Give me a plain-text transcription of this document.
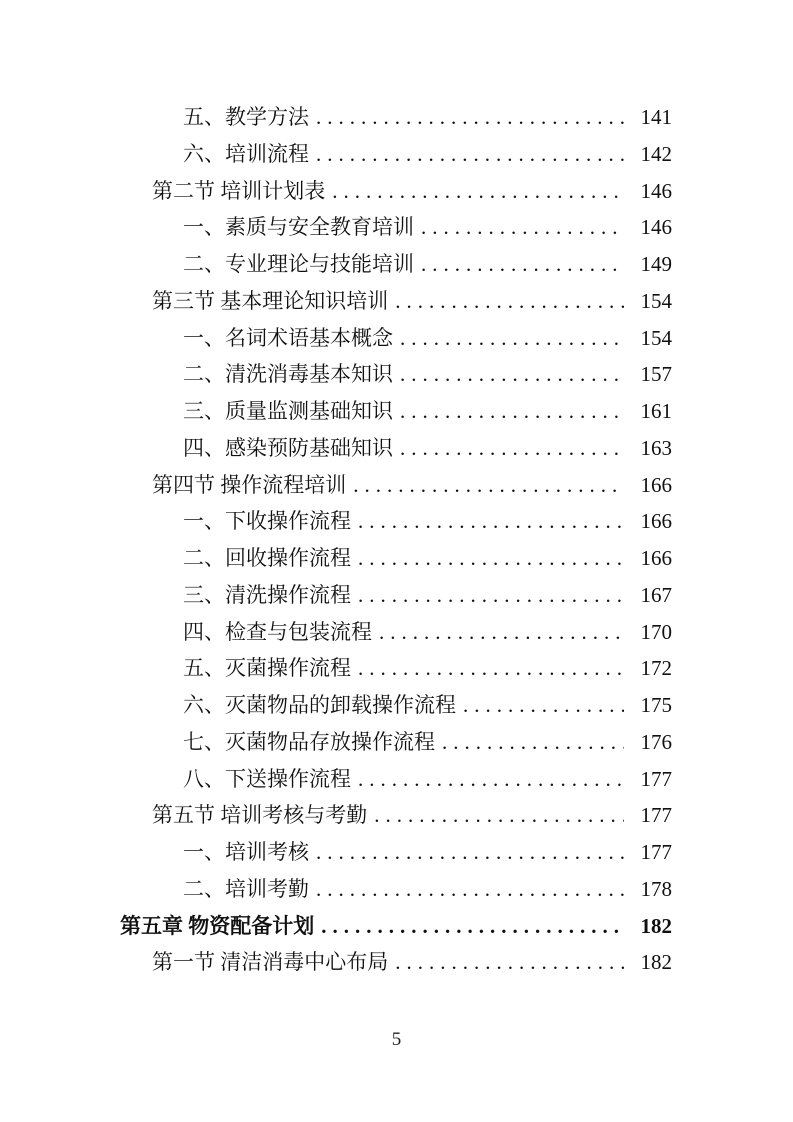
五、教学方法 .....	141
六、培训流程 .....	142
第二节 培训计划表 .....	146
一、素质与安全教育培训 .....	146
二、专业理论与技能培训 .....	149
第三节 基本理论知识培训 .....	154
一、名词术语基本概念 .....	154
二、清洗消毒基本知识 .....	157
三、质量监测基础知识 .....	161
四、感染预防基础知识 .....	163
第四节 操作流程培训 .....	166
一、下收操作流程 .....	166
二、回收操作流程 .....	166
三、清洗操作流程 .....	167
四、检查与包装流程 .....	170
五、灭菌操作流程 .....	172
六、灭菌物品的卸载操作流程 .....	175
七、灭菌物品存放操作流程 .....	176
八、下送操作流程 .....	177
第五节 培训考核与考勤 .....	177
一、培训考核 .....	177
二、培训考勤 .....	178
第五章 物资配备计划 .....	182
第一节 清洁消毒中心布局 .....	182
5
